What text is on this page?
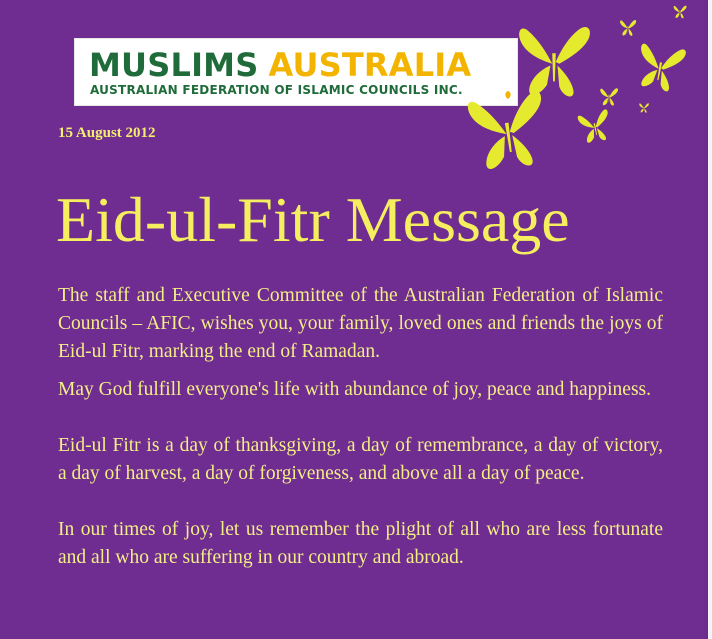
MUSLIMS AUSTRALIA
AUSTRALIAN FEDERATION OF ISLAMIC COUNCILS INC.
15 August 2012
Eid-ul-Fitr Message

The staff and Executive Committee of the Australian Federation of Islamic Councils – AFIC, wishes you, your family, loved ones and friends the joys of Eid-ul Fitr, marking the end of Ramadan.

May God fulfill everyone's life with abundance of joy, peace and happiness.

Eid-ul Fitr is a day of thanksgiving, a day of remembrance, a day of victory, a day of harvest, a day of forgiveness, and above all a day of peace.

In our times of joy, let us remember the plight of all who are less fortunate and all who are suffering in our country and abroad.
